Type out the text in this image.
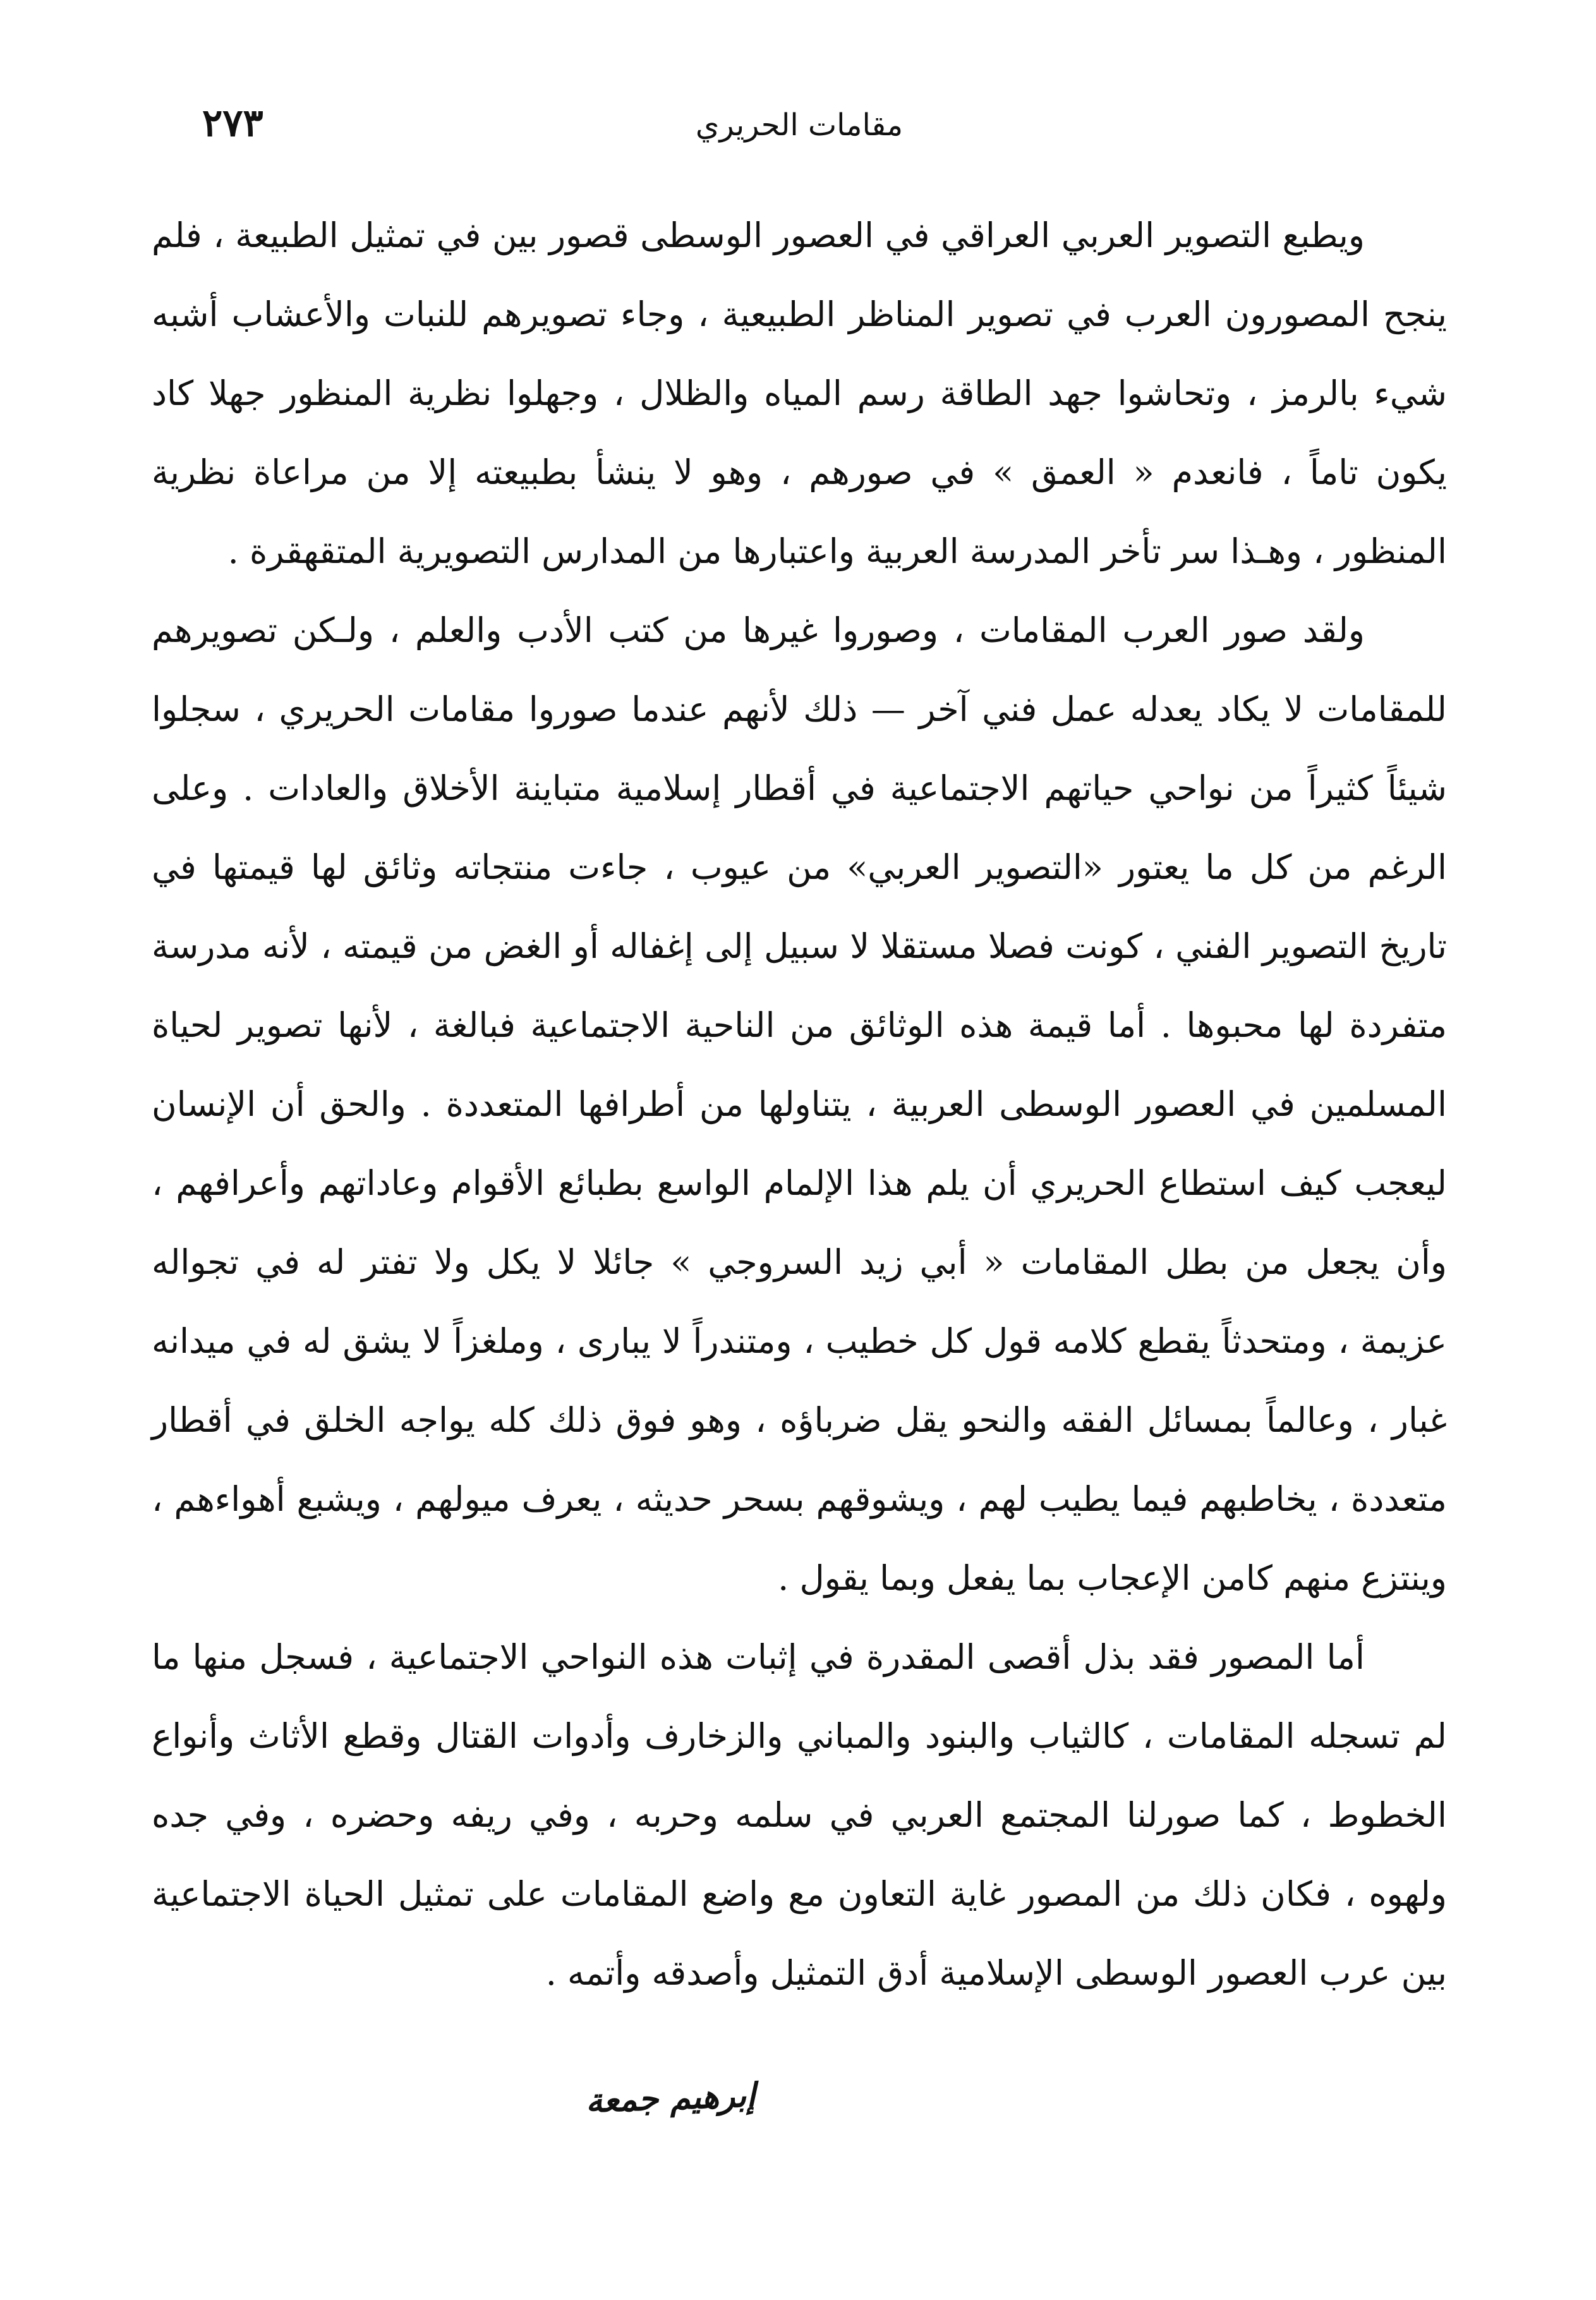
مقامات الحريري
٢٧٣

ويطبع التصوير العربي العراقي في العصور الوسطى قصور بين في تمثيل الطبيعة ، فلم ينجح المصورون العرب في تصوير المناظر الطبيعية ، وجاء تصويرهم للنبات والأعشاب أشبه شيء بالرمز ، وتحاشوا جهد الطاقة رسم المياه والظلال ، وجهلوا نظرية المنظور جهلا كاد يكون تاماً ، فانعدم « العمق » في صورهم ، وهو لا ينشأ بطبيعته إلا من مراعاة نظرية المنظور ، وهـذا سر تأخر المدرسة العربية واعتبارها من المدارس التصويرية المتقهقرة .

ولقد صور العرب المقامات ، وصوروا غيرها من كتب الأدب والعلم ، ولـكن تصويرهم للمقامات لا يكاد يعدله عمل فني آخر — ذلك لأنهم عندما صوروا مقامات الحريري ، سجلوا شيئاً كثيراً من نواحي حياتهم الاجتماعية في أقطار إسلامية متباينة الأخلاق والعادات . وعلى الرغم من كل ما يعتور «التصوير العربي» من عيوب ، جاءت منتجاته وثائق لها قيمتها في تاريخ التصوير الفني ، كونت فصلا مستقلا لا سبيل إلى إغفاله أو الغض من قيمته ، لأنه مدرسة متفردة لها محبوها . أما قيمة هذه الوثائق من الناحية الاجتماعية فبالغة ، لأنها تصوير لحياة المسلمين في العصور الوسطى العربية ، يتناولها من أطرافها المتعددة . والحق أن الإنسان ليعجب كيف استطاع الحريري أن يلم هذا الإلمام الواسع بطبائع الأقوام وعاداتهم وأعرافهم ، وأن يجعل من بطل المقامات « أبي زيد السروجي » جائلا لا يكل ولا تفتر له في تجواله عزيمة ، ومتحدثاً يقطع كلامه قول كل خطيب ، ومتندراً لا يبارى ، وملغزاً لا يشق له في ميدانه غبار ، وعالماً بمسائل الفقه والنحو يقل ضرباؤه ، وهو فوق ذلك كله يواجه الخلق في أقطار متعددة ، يخاطبهم فيما يطيب لهم ، ويشوقهم بسحر حديثه ، يعرف ميولهم ، ويشبع أهواءهم ، وينتزع منهم كامن الإعجاب بما يفعل وبما يقول .

أما المصور فقد بذل أقصى المقدرة في إثبات هذه النواحي الاجتماعية ، فسجل منها ما لم تسجله المقامات ، كالثياب والبنود والمباني والزخارف وأدوات القتال وقطع الأثاث وأنواع الخطوط ، كما صورلنا المجتمع العربي في سلمه وحربه ، وفي ريفه وحضره ، وفي جده ولهوه ، فكان ذلك من المصور غاية التعاون مع واضع المقامات على تمثيل الحياة الاجتماعية بين عرب العصور الوسطى الإسلامية أدق التمثيل وأصدقه وأتمه .

إبرهيم جمعة
